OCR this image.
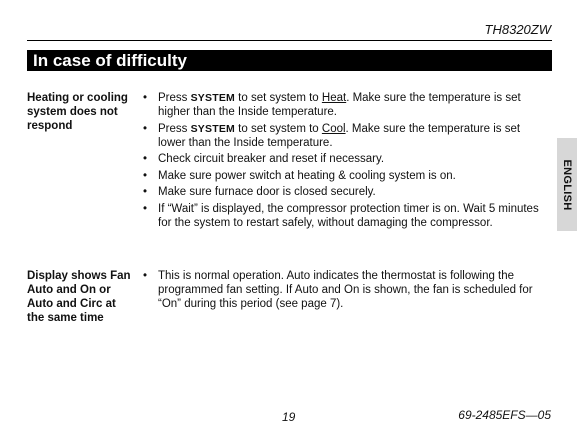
TH8320ZW
In case of difficulty
ENGLISH
Heating or cooling system does not respond
• Press SYSTEM to set system to Heat. Make sure the temperature is set higher than the Inside temperature.
• Press SYSTEM to set system to Cool. Make sure the temperature is set lower than the Inside temperature.
• Check circuit breaker and reset if necessary.
• Make sure power switch at heating & cooling system is on.
• Make sure furnace door is closed securely.
• If “Wait” is displayed, the compressor protection timer is on. Wait 5 minutes for the system to restart safely, without damaging the compressor.
Display shows Fan Auto and On or Auto and Circ at the same time
• This is normal operation. Auto indicates the thermostat is following the programmed fan setting. If Auto and On is shown, the fan is scheduled for “On” during this period (see page 7).
19	69-2485EFS—05
